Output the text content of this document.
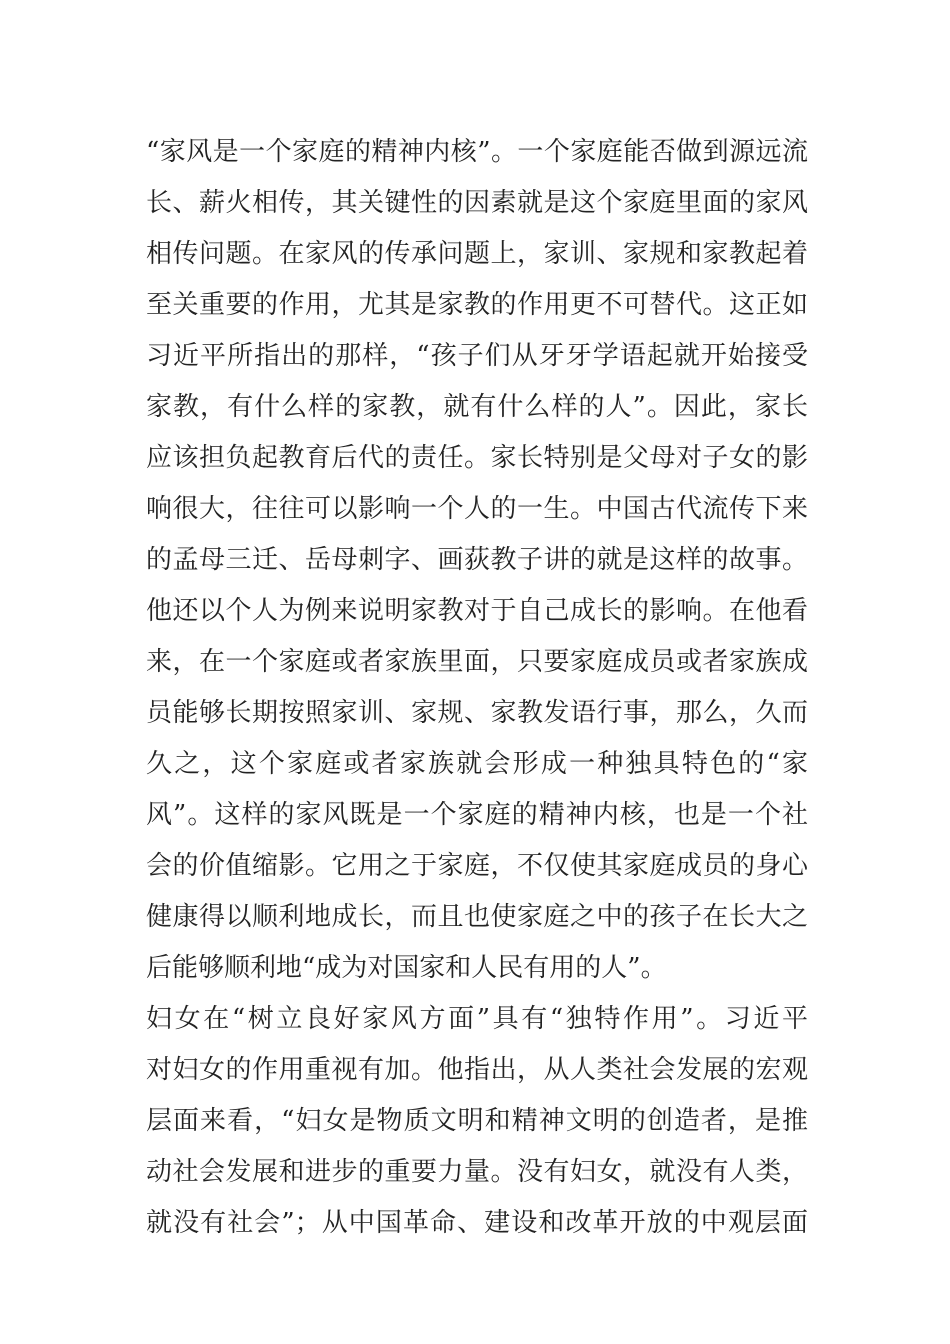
“家风是一个家庭的精神内核”。一个家庭能否做到源远流
长、薪火相传，其关键性的因素就是这个家庭里面的家风
相传问题。在家风的传承问题上，家训、家规和家教起着
至关重要的作用，尤其是家教的作用更不可替代。这正如
习近平所指出的那样，“孩子们从牙牙学语起就开始接受
家教，有什么样的家教，就有什么样的人”。因此，家长
应该担负起教育后代的责任。家长特别是父母对子女的影
响很大，往往可以影响一个人的一生。中国古代流传下来
的孟母三迁、岳母刺字、画荻教子讲的就是这样的故事。
他还以个人为例来说明家教对于自己成长的影响。在他看
来，在一个家庭或者家族里面，只要家庭成员或者家族成
员能够长期按照家训、家规、家教发语行事，那么，久而
久之，这个家庭或者家族就会形成一种独具特色的“家
风”。这样的家风既是一个家庭的精神内核，也是一个社
会的价值缩影。它用之于家庭，不仅使其家庭成员的身心
健康得以顺利地成长，而且也使家庭之中的孩子在长大之
后能够顺利地“成为对国家和人民有用的人”。
妇女在“树立良好家风方面”具有“独特作用”。习近平
对妇女的作用重视有加。他指出，从人类社会发展的宏观
层面来看，“妇女是物质文明和精神文明的创造者，是推
动社会发展和进步的重要力量。没有妇女，就没有人类，
就没有社会”；从中国革命、建设和改革开放的中观层面
